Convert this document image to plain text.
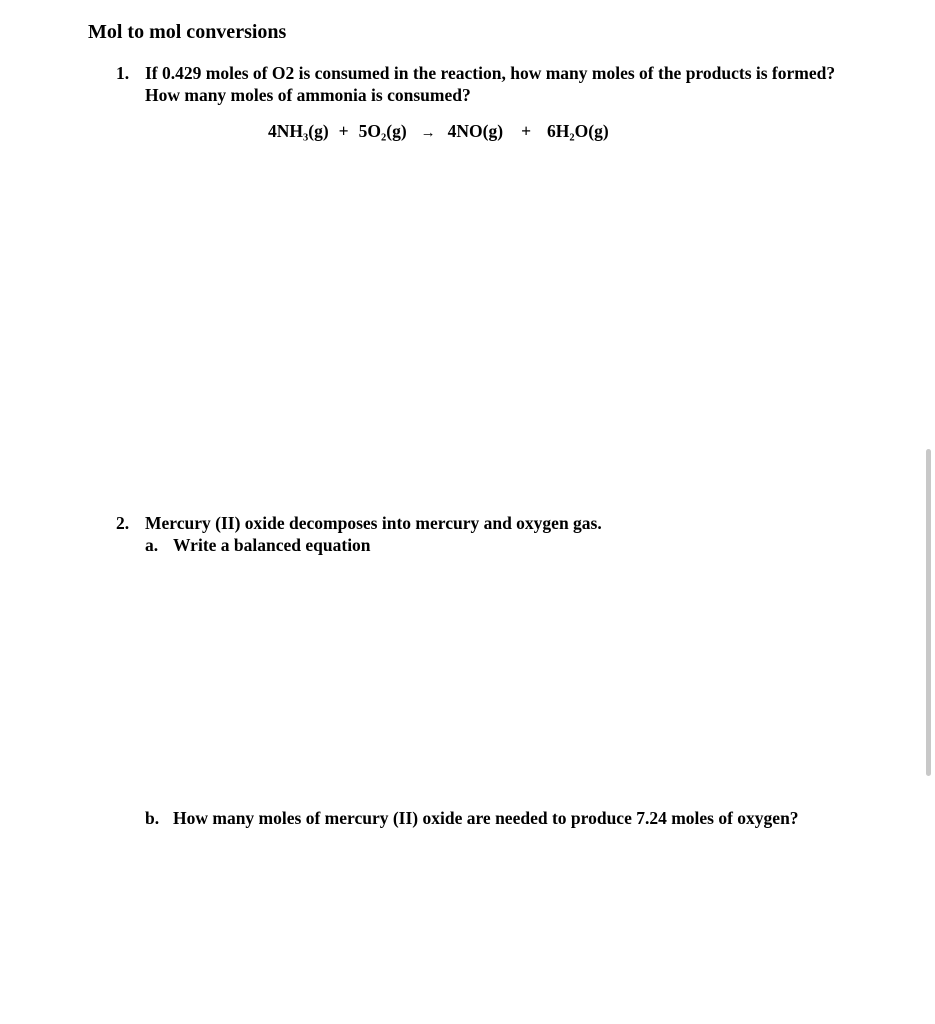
Mol to mol conversions
1. If 0.429 moles of O2 is consumed in the reaction, how many moles of the products is formed? How many moles of ammonia is consumed?
4NH₃(g) + 5O₂(g) → 4NO(g) + 6H₂O(g)
2. Mercury (II) oxide decomposes into mercury and oxygen gas.
a. Write a balanced equation
b. How many moles of mercury (II) oxide are needed to produce 7.24 moles of oxygen?
